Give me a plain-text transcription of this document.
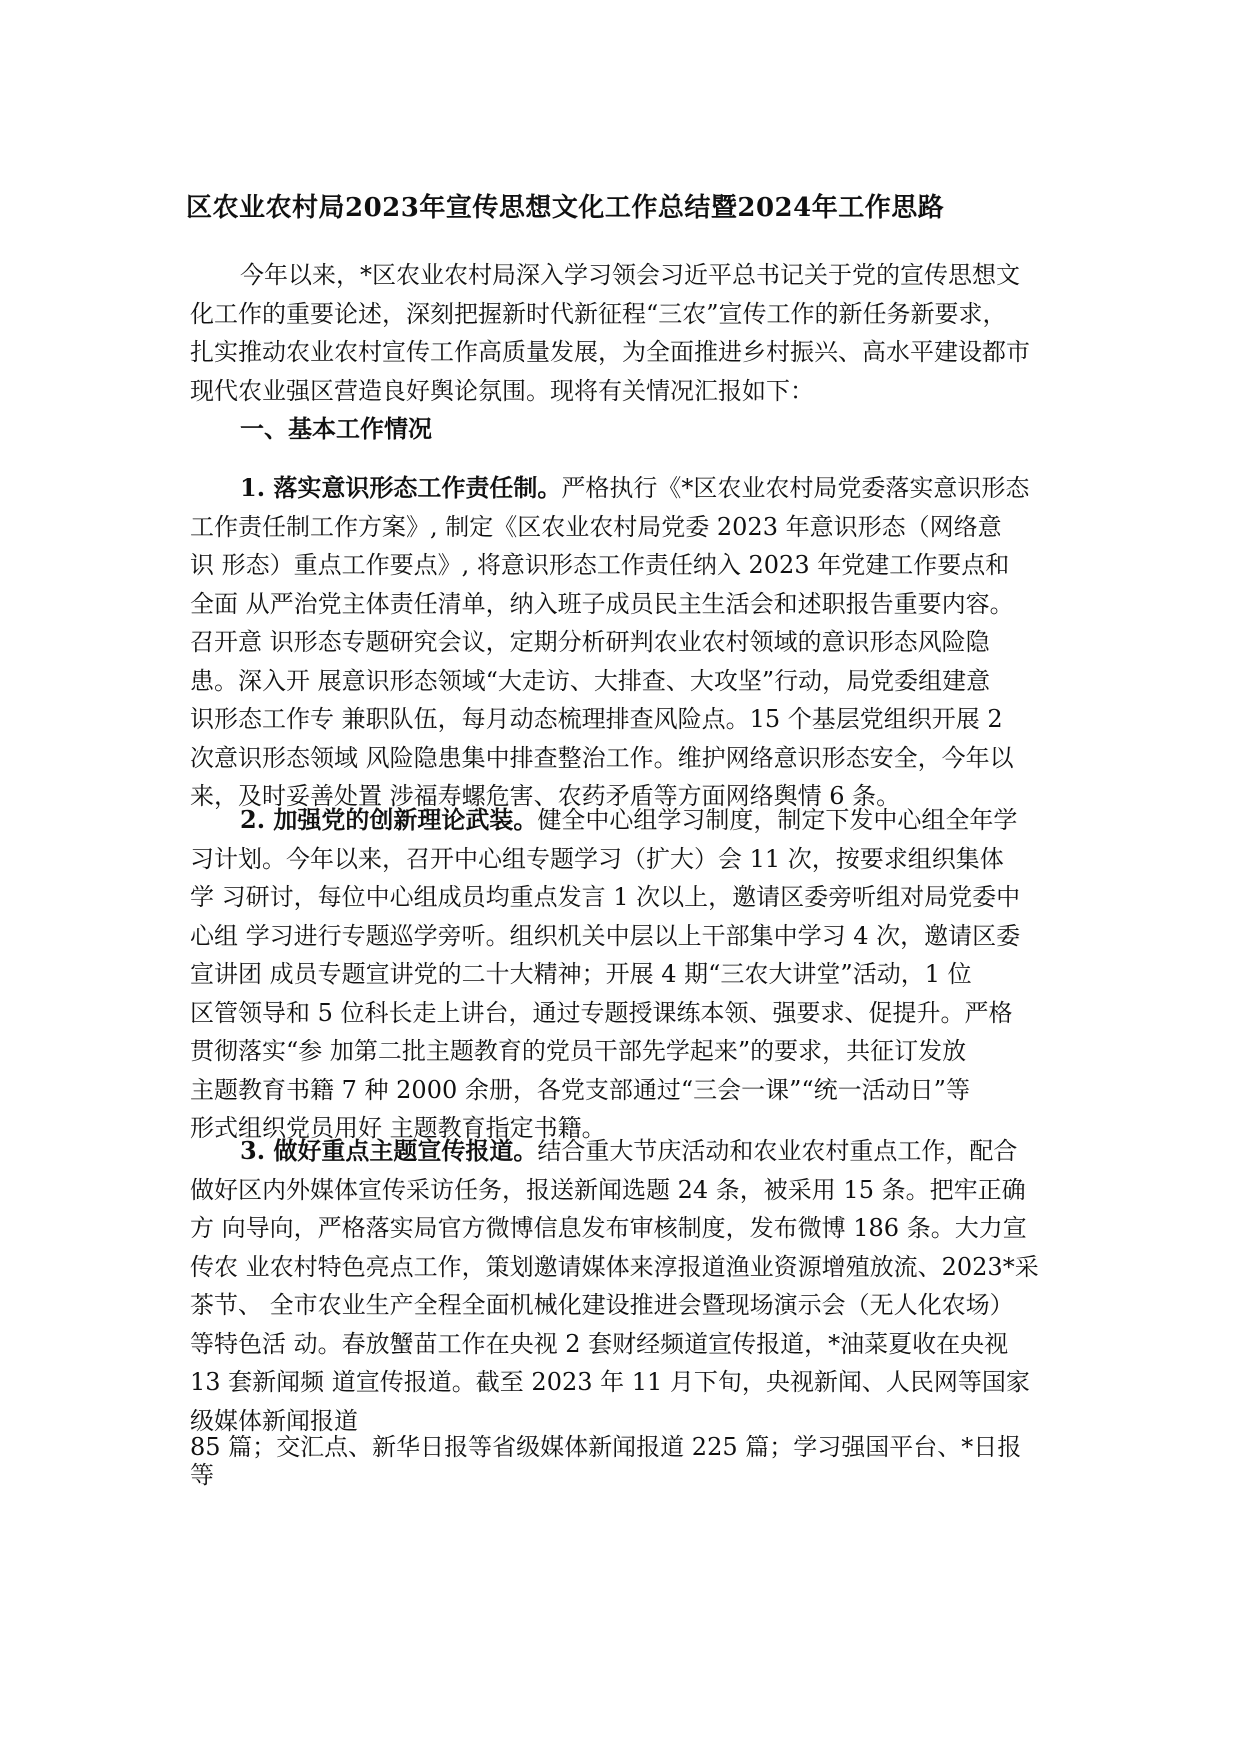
区农业农村局2023年宣传思想文化工作总结暨2024年工作思路
今年以来，*区农业农村局深入学习领会习近平总书记关于党的宣传思想文
化工作的重要论述，深刻把握新时代新征程“三农”宣传工作的新任务新要求，
扎实推动农业农村宣传工作高质量发展，为全面推进乡村振兴、高水平建设都市
现代农业强区营造良好舆论氛围。现将有关情况汇报如下：
一、基本工作情况
1. 落实意识形态工作责任制。严格执行《*区农业农村局党委落实意识形态
工作责任制工作方案》, 制定《区农业农村局党委 2023 年意识形态（网络意
识 形态）重点工作要点》, 将意识形态工作责任纳入 2023 年党建工作要点和
全面 从严治党主体责任清单，纳入班子成员民主生活会和述职报告重要内容。
召开意 识形态专题研究会议，定期分析研判农业农村领域的意识形态风险隐
患。深入开 展意识形态领域“大走访、大排查、大攻坚”行动，局党委组建意
识形态工作专 兼职队伍，每月动态梳理排查风险点。15 个基层党组织开展 2
次意识形态领域 风险隐患集中排查整治工作。维护网络意识形态安全，今年以
来，及时妥善处置 涉福寿螺危害、农药矛盾等方面网络舆情 6 条。
2. 加强党的创新理论武装。健全中心组学习制度，制定下发中心组全年学
习计划。今年以来，召开中心组专题学习（扩大）会 11 次，按要求组织集体
学 习研讨，每位中心组成员均重点发言 1 次以上，邀请区委旁听组对局党委中
心组 学习进行专题巡学旁听。组织机关中层以上干部集中学习 4 次，邀请区委
宣讲团 成员专题宣讲党的二十大精神；开展 4 期“三农大讲堂”活动，1 位
区管领导和 5 位科长走上讲台，通过专题授课练本领、强要求、促提升。严格
贯彻落实“参 加第二批主题教育的党员干部先学起来”的要求，共征订发放
主题教育书籍 7 种 2000 余册，各党支部通过“三会一课”“统一活动日”等
形式组织党员用好 主题教育指定书籍。
3. 做好重点主题宣传报道。结合重大节庆活动和农业农村重点工作，配合
做好区内外媒体宣传采访任务，报送新闻选题 24 条，被采用 15 条。把牢正确
方 向导向，严格落实局官方微博信息发布审核制度，发布微博 186 条。大力宣
传农 业农村特色亮点工作，策划邀请媒体来淳报道渔业资源增殖放流、2023*采
茶节、 全市农业生产全程全面机械化建设推进会暨现场演示会（无人化农场）
等特色活 动。春放蟹苗工作在央视 2 套财经频道宣传报道，*油菜夏收在央视
13 套新闻频 道宣传报道。截至 2023 年 11 月下旬，央视新闻、人民网等国家
级媒体新闻报道
85 篇；交汇点、新华日报等省级媒体新闻报道 225 篇；学习强国平台、*日报
等
